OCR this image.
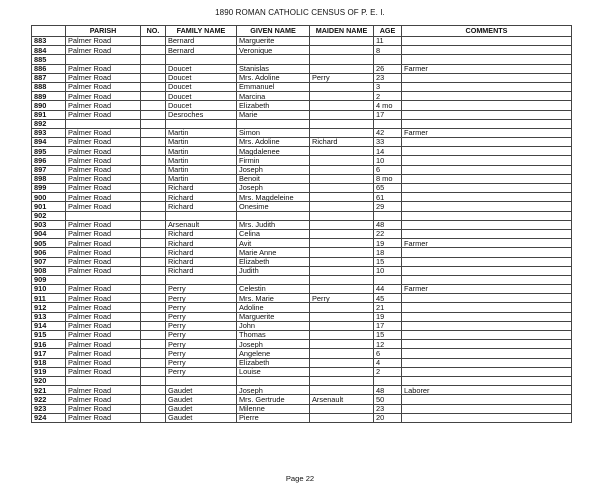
1890 ROMAN CATHOLIC CENSUS OF P. E. I.
	PARISH	NO.	FAMILY NAME	GIVEN NAME	MAIDEN NAME	AGE	COMMENTS
883	Palmer Road		Bernard	Marguerite		11	
884	Palmer Road		Bernard	Veronique		8	
885							
886	Palmer Road		Doucet	Stanislas		26	Farmer
887	Palmer Road		Doucet	Mrs. Adoline	Perry	23	
888	Palmer Road		Doucet	Emmanuel		3	
889	Palmer Road		Doucet	Marcina		2	
890	Palmer Road		Doucet	Elizabeth		4 mo	
891	Palmer Road		Desroches	Marie		17	
892							
893	Palmer Road		Martin	Simon		42	Farmer
894	Palmer Road		Martin	Mrs. Adoline	Richard	33	
895	Palmer Road		Martin	Magdalenee		14	
896	Palmer Road		Martin	Firmin		10	
897	Palmer Road		Martin	Joseph		6	
898	Palmer Road		Martin	Benoit		8 mo	
899	Palmer Road		Richard	Joseph		65	
900	Palmer Road		Richard	Mrs. Magdeleine		61	
901	Palmer Road		Richard	Onesime		29	
902							
903	Palmer Road		Arsenault	Mrs. Judith		48	
904	Palmer Road		Richard	Celina		22	
905	Palmer Road		Richard	Avit		19	Farmer
906	Palmer Road		Richard	Marie Anne		18	
907	Palmer Road		Richard	Elizabeth		15	
908	Palmer Road		Richard	Judith		10	
909							
910	Palmer Road		Perry	Celestin		44	Farmer
911	Palmer Road		Perry	Mrs. Marie	Perry	45	
912	Palmer Road		Perry	Adoline		21	
913	Palmer Road		Perry	Marguerite		19	
914	Palmer Road		Perry	John		17	
915	Palmer Road		Perry	Thomas		15	
916	Palmer Road		Perry	Joseph		12	
917	Palmer Road		Perry	Angelene		6	
918	Palmer Road		Perry	Elizabeth		4	
919	Palmer Road		Perry	Louise		2	
920							
921	Palmer Road		Gaudet	Joseph		48	Laborer
922	Palmer Road		Gaudet	Mrs. Gertrude	Arsenault	50	
923	Palmer Road		Gaudet	Milenne		23	
924	Palmer Road		Gaudet	Pierre		20	
Page 22
